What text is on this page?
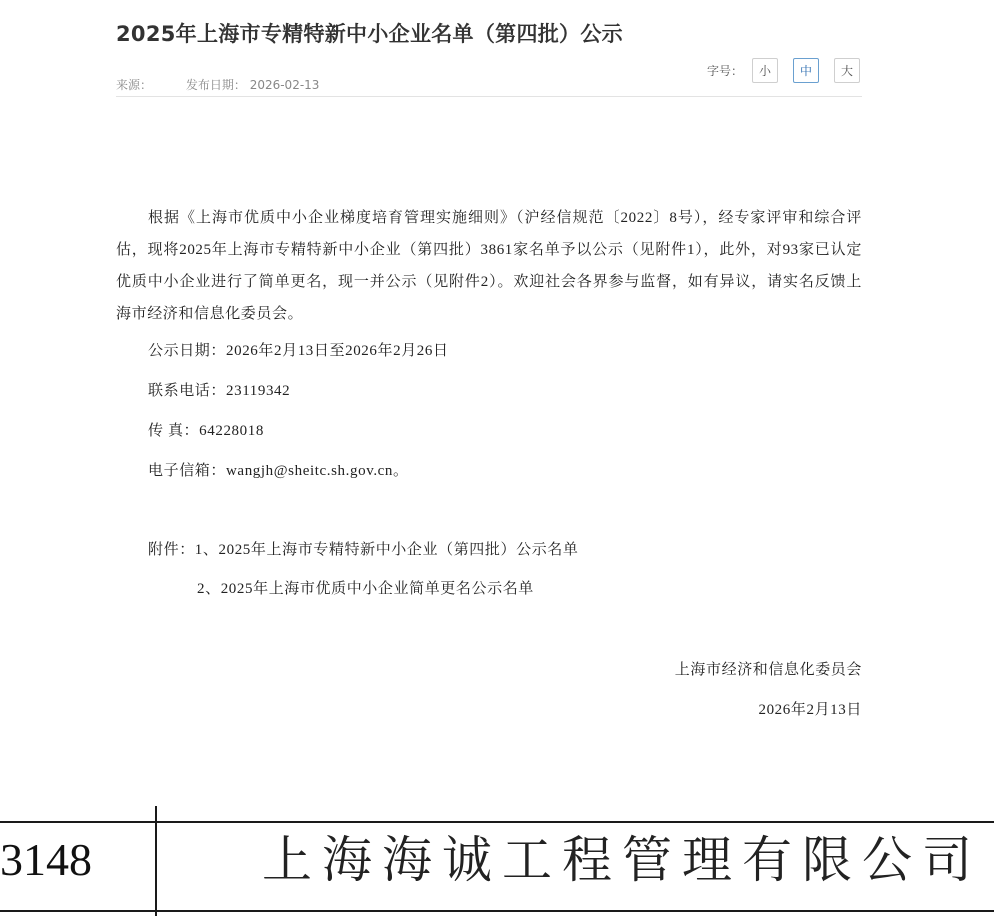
2025年上海市专精特新中小企业名单（第四批）公示
来源：	发布日期： 2026-02-13
字号：	小	中	大

根据《上海市优质中小企业梯度培育管理实施细则》（沪经信规范〔2022〕8号），经专家评审和综合评估，现将2025年上海市专精特新中小企业（第四批）3861家名单予以公示（见附件1），此外，对93家已认定优质中小企业进行了简单更名，现一并公示（见附件2）。欢迎社会各界参与监督，如有异议，请实名反馈上海市经济和信息化委员会。

公示日期：2026年2月13日至2026年2月26日
联系电话：23119342
传 真：64228018
电子信箱：wangjh@sheitc.sh.gov.cn。
附件：1、2025年上海市专精特新中小企业（第四批）公示名单
2、2025年上海市优质中小企业简单更名公示名单
上海市经济和信息化委员会
2026年2月13日
3148	上海海诚工程管理有限公司
